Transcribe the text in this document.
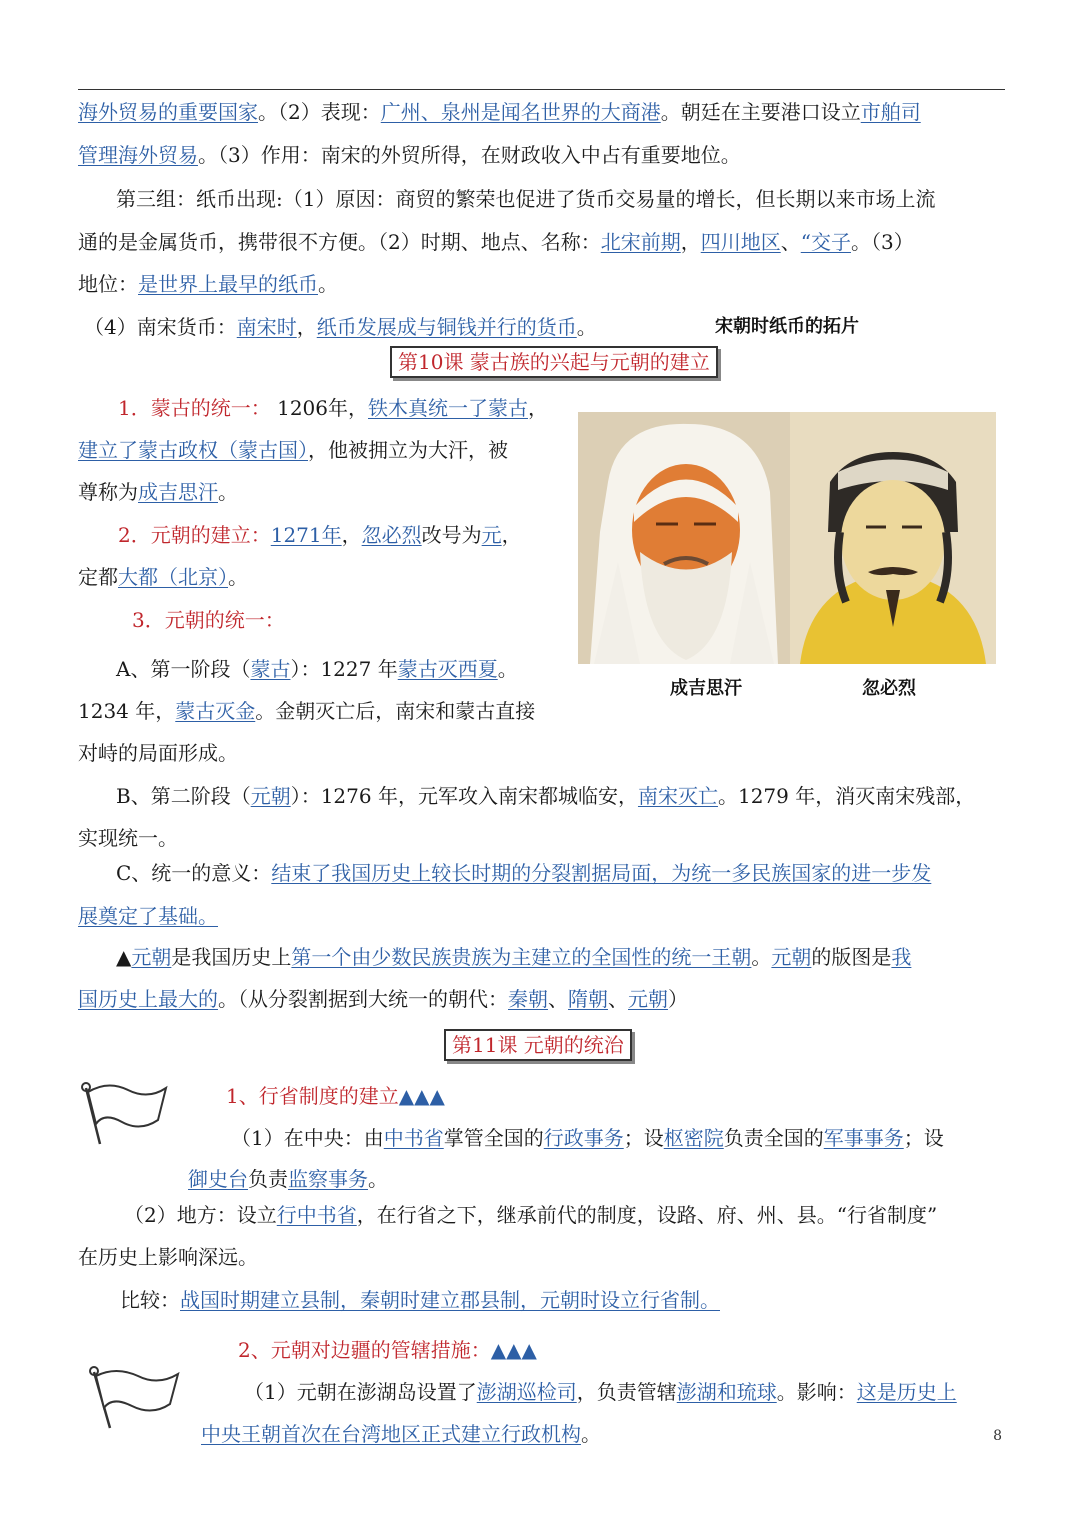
海外贸易的重要国家。（2）表现：广州、泉州是闻名世界的大商港。朝廷在主要港口设立市舶司
管理海外贸易。（3）作用：南宋的外贸所得，在财政收入中占有重要地位。
第三组：纸币出现:（1）原因：商贸的繁荣也促进了货币交易量的增长，但长期以来市场上流
通的是金属货币，携带很不方便。（2）时期、地点、名称：北宋前期，四川地区、“交子。（3）
地位：是世界上最早的纸币。
（4）南宋货币：南宋时，纸币发展成与铜钱并行的货币。	宋朝时纸币的拓片
第10课 蒙古族的兴起与元朝的建立
1．蒙古的统一： 1206年，铁木真统一了蒙古，
建立了蒙古政权（蒙古国），他被拥立为大汗，被
尊称为成吉思汗。
2．元朝的建立：1271年，忽必烈改号为元，
定都大都（北京）。
3．元朝的统一：
A、第一阶段（蒙古）：1227 年蒙古灭西夏。
1234 年，蒙古灭金。金朝灭亡后，南宋和蒙古直接
对峙的局面形成。
成吉思汗	忽必烈
B、第二阶段（元朝）：1276 年，元军攻入南宋都城临安，南宋灭亡。1279 年，消灭南宋残部，
实现统一。
C、统一的意义：结束了我国历史上较长时期的分裂割据局面，为统一多民族国家的进一步发
展奠定了基础。
▲元朝是我国历史上第一个由少数民族贵族为主建立的全国性的统一王朝。元朝的版图是我
国历史上最大的。（从分裂割据到大统一的朝代：秦朝、隋朝、元朝）
第11课 元朝的统治
1、行省制度的建立▲▲▲
（1）在中央：由中书省掌管全国的行政事务；设枢密院负责全国的军事事务；设
御史台负责监察事务。
（2）地方：设立行中书省，在行省之下，继承前代的制度，设路、府、州、县。“行省制度”
在历史上影响深远。
比较：战国时期建立县制，秦朝时建立郡县制，元朝时设立行省制。
2、元朝对边疆的管辖措施：▲▲▲
（1）元朝在澎湖岛设置了澎湖巡检司，负责管辖澎湖和琉球。影响：这是历史上
中央王朝首次在台湾地区正式建立行政机构。	8
